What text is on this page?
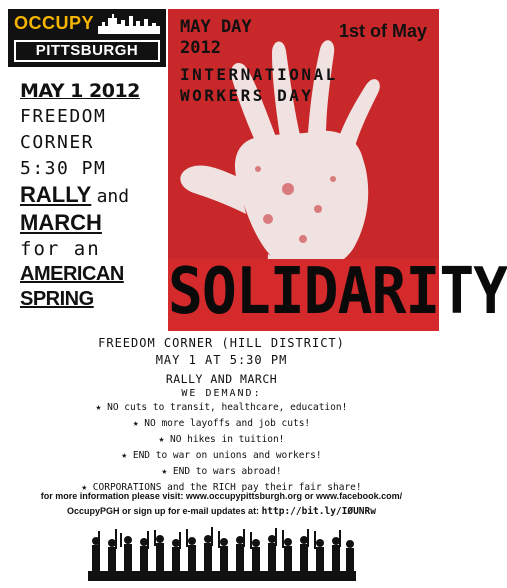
OCCUPY
PITTSBURGH
MAY DAY
2012
1st of May
INTERNATIONAL
WORKERS DAY
SOLIDARITY
MAY 1 2012
FREEDOM
CORNER
5:30 PM
RALLY and
MARCH
for an
AMERICAN
SPRING
FREEDOM CORNER (HILL DISTRICT)
MAY 1 AT 5:30 PM
RALLY AND MARCH
WE DEMAND:
★ NO cuts to transit, healthcare, education!
★ NO more layoffs and job cuts!
★ NO hikes in tuition!
★ END to war on unions and workers!
★ END to wars abroad!
★ CORPORATIONS and the RICH pay their fair share!
for more information please visit: www.occupypittsburgh.org or www.facebook.com/
OccupyPGH or sign up for e-mail updates at: http://bit.ly/IØUNRw
